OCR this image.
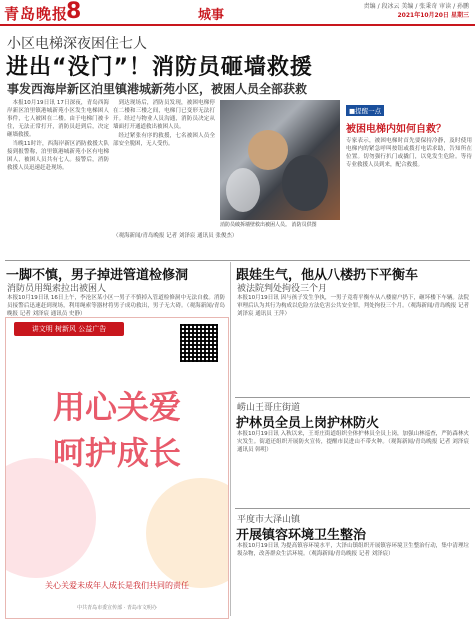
青岛晚报
8	城事
责编 / 段冰云 美编 / 张秉奇 审读 / 孙鹏
2021年10月20日 星期三
小区电梯深夜困住七人
进出“没门”！消防员砸墙救援
事发西海岸新区泊里镇港城新苑小区，被困人员全部获救

本报10月19日讯 17日深夜，青岛西海岸新区泊里镇港城新苑小区发生电梯困人事件，七人被困在二楼。由于电梯门被卡住，无法正常打开，消防员赶到后，决定砸墙救援。

当晚11时许，西海岸新区消防救援大队接到报警称，泊里镇港城新苑小区有电梯困人，被困人员共有七人。接警后，消防救援人员迅速赶赴现场。

到达现场后，消防员发现，被困电梯停在二楼和三楼之间，电梯门已变形无法打开。经过与物业人员沟通，消防员决定从墙面打开通道救出被困人员。

经过紧张有序的救援，七名被困人员全部安全脱困，无人受伤。

（观海新闻/青岛晚报 记者 刘泽宸 通讯员 张俊杰）
消防员破拆墙壁救出被困人员。 消防员供图
■提醒一点
被困电梯内如何自救？
专家表示，被困电梯时首先要保持冷静，及时使用电梯内的紧急呼叫按钮或拨打电话求助，告知所在位置。切勿强行扒门或撬门，以免发生危险。等待专业救援人员到来，配合救援。
一脚不慎，男子掉进管道检修洞
消防员用绳索拉出被困人
本报10月19日讯 16日上午，李沧区某小区一男子不慎掉入管道检修洞中无法自救。消防员接警后迅速赶到现场，利用绳索等器材将男子成功救出，男子无大碍。（观海新闻/青岛晚报 记者 刘泽宸 通讯员 史静）
跟娃生气，他从八楼扔下平衡车
被法院判处拘役三个月
本报10月19日讯 因与孩子发生争执，一男子竟将平衡车从八楼窗户扔下，砸坏楼下车辆。法院审理后认为其行为构成以危险方法危害公共安全罪，判处拘役三个月。（观海新闻/青岛晚报 记者 刘泽宸 通讯员 王萍）
崂山王哥庄街道
护林员全员上岗护林防火
本报10月19日讯 入秋以来，王哥庄街道组织全体护林员全员上岗，加强山林巡查，严防森林火灾发生。街道还组织开展防火宣传，提醒市民进山不带火种。（观海新闻/青岛晚报 记者 刘泽宸 通讯员 韩明）
平度市大泽山镇
开展镇容环境卫生整治
本报10月19日讯 为提高镇容环境水平，大泽山镇组织开展镇容环境卫生整治行动，集中清理垃圾杂物，改善群众生活环境。（观海新闻/青岛晚报 记者 刘泽宸）
讲文明 树新风 公益广告
用心关爱
呵护成长
关心关爱未成年人成长是我们共同的责任
中共青岛市委宣传部 · 青岛市文明办
